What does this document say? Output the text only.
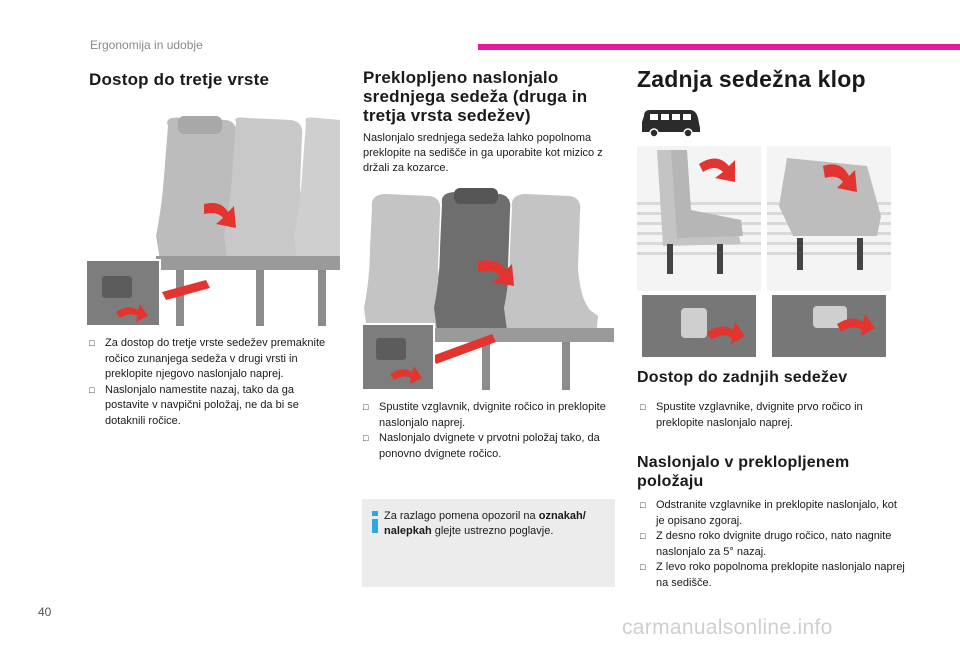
Ergonomija in udobje
Dostop do tretje vrste
□ Za dostop do tretje vrste sedežev premaknite ročico zunanjega sedeža v drugi vrsti in preklopite njegovo naslonjalo naprej.
□ Naslonjalo namestite nazaj, tako da ga postavite v navpični položaj, ne da bi se dotaknili ročice.
Preklopljeno naslonjalo srednjega sedeža (druga in tretja vrsta sedežev)
Naslonjalo srednjega sedeža lahko popolnoma preklopite na sedišče in ga uporabite kot mizico z držali za kozarce.
□ Spustite vzglavnik, dvignite ročico in preklopite naslonjalo naprej.
□ Naslonjalo dvignete v prvotni položaj tako, da ponovno dvignete ročico.
Za razlago pomena opozoril na oznakah/ nalepkah glejte ustrezno poglavje.
Zadnja sedežna klop
Dostop do zadnjih sedežev
□ Spustite vzglavnike, dvignite prvo ročico in preklopite naslonjalo naprej.
Naslonjalo v preklopljenem položaju
□ Odstranite vzglavnike in preklopite naslonjalo, kot je opisano zgoraj.
□ Z desno roko dvignite drugo ročico, nato nagnite naslonjalo za 5° nazaj.
□ Z levo roko popolnoma preklopite naslonjalo naprej na sedišče.
40
carmanualsonline.info
